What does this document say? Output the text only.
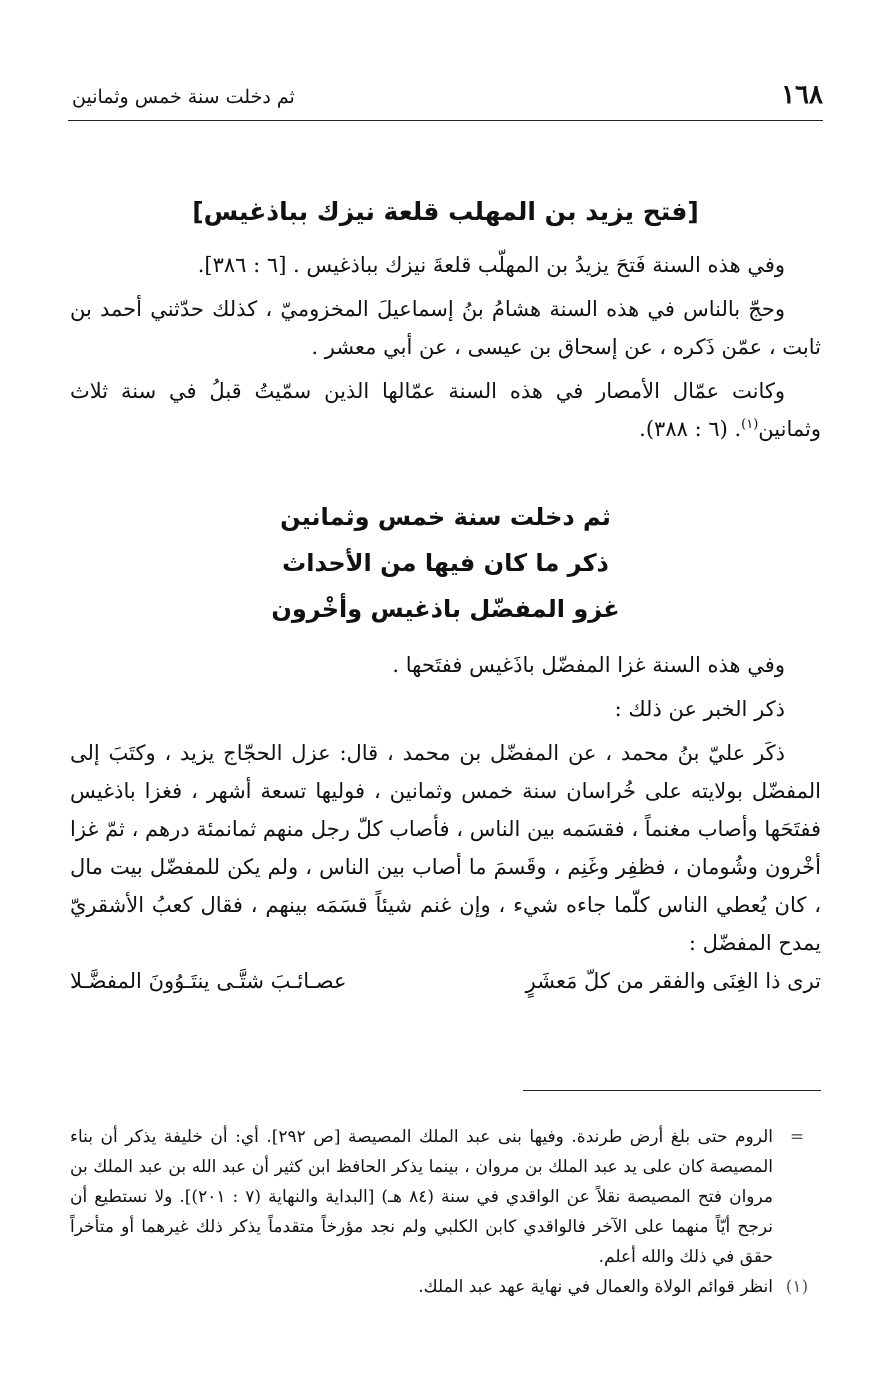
١٦٨
ثم دخلت سنة خمس وثمانين
[فتح يزيد بن المهلب قلعة نيزك بباذغيس]

وفي هذه السنة فَتحَ يزيدُ بن المهلّب قلعةَ نيزك بباذغيس . [٦ : ٣٨٦].

وحجّ بالناس في هذه السنة هشامُ بنُ إسماعيلَ المخزوميّ ، كذلك حدّثني أحمد بن ثابت ، عمّن ذَكره ، عن إسحاق بن عيسى ، عن أبي معشر .

وكانت عمّال الأمصار في هذه السنة عمّالها الذين سمّيتُ قبلُ في سنة ثلاث وثمانين$^{(١)}$. (٦ : ٣٨٨).

ثم دخلت سنة خمس وثمانين
ذكر ما كان فيها من الأحداث
غزو المفضّل باذغيس وأخْرون

وفي هذه السنة غزا المفضّل باذَغيس ففتَحها .

ذكر الخبر عن ذلك :

ذكَر عليّ بنُ محمد ، عن المفضّل بن محمد ، قال: عزل الحجّاج يزيد ، وكتَبَ إلى المفضّل بولايته على خُراسان سنة خمس وثمانين ، فوليها تسعة أشهر ، فغزا باذغيس ففتَحَها وأصاب مغنماً ، فقسَمه بين الناس ، فأصاب كلّ رجل منهم ثمانمئة درهم ، ثمّ غزا أخْرون وشُومان ، فظفِر وغَنِم ، وقَسمَ ما أصاب بين الناس ، ولم يكن للمفضّل بيت مال ، كان يُعطي الناس كلّما جاءه شيء ، وإن غنم شيئاً قسَمَه بينهم ، فقال كعبُ الأشقريّ يمدح المفضّل :

ترى ذا الغِنَى والفقر من كلّ مَعشَرٍ
عصـائـبَ شتَّـى ينتَـوُونَ المفضَّـلا
=
الروم حتى بلغ أرض طرندة. وفيها بنى عبد الملك المصيصة [ص ٢٩٢]. أي: أن خليفة يذكر أن بناء المصيصة كان على يد عبد الملك بن مروان ، بينما يذكر الحافظ ابن كثير أن عبد الله بن عبد الملك بن مروان فتح المصيصة نقلاً عن الواقدي في سنة (٨٤ هـ) [البداية والنهاية (٧ : ٢٠١)]. ولا نستطيع أن نرجح أيّاً منهما على الآخر فالواقدي كابن الكلبي ولم نجد مؤرخاً متقدماً يذكر ذلك غيرهما أو متأخراً حقق في ذلك والله أعلم.
(١)
انظر قوائم الولاة والعمال في نهاية عهد عبد الملك.
